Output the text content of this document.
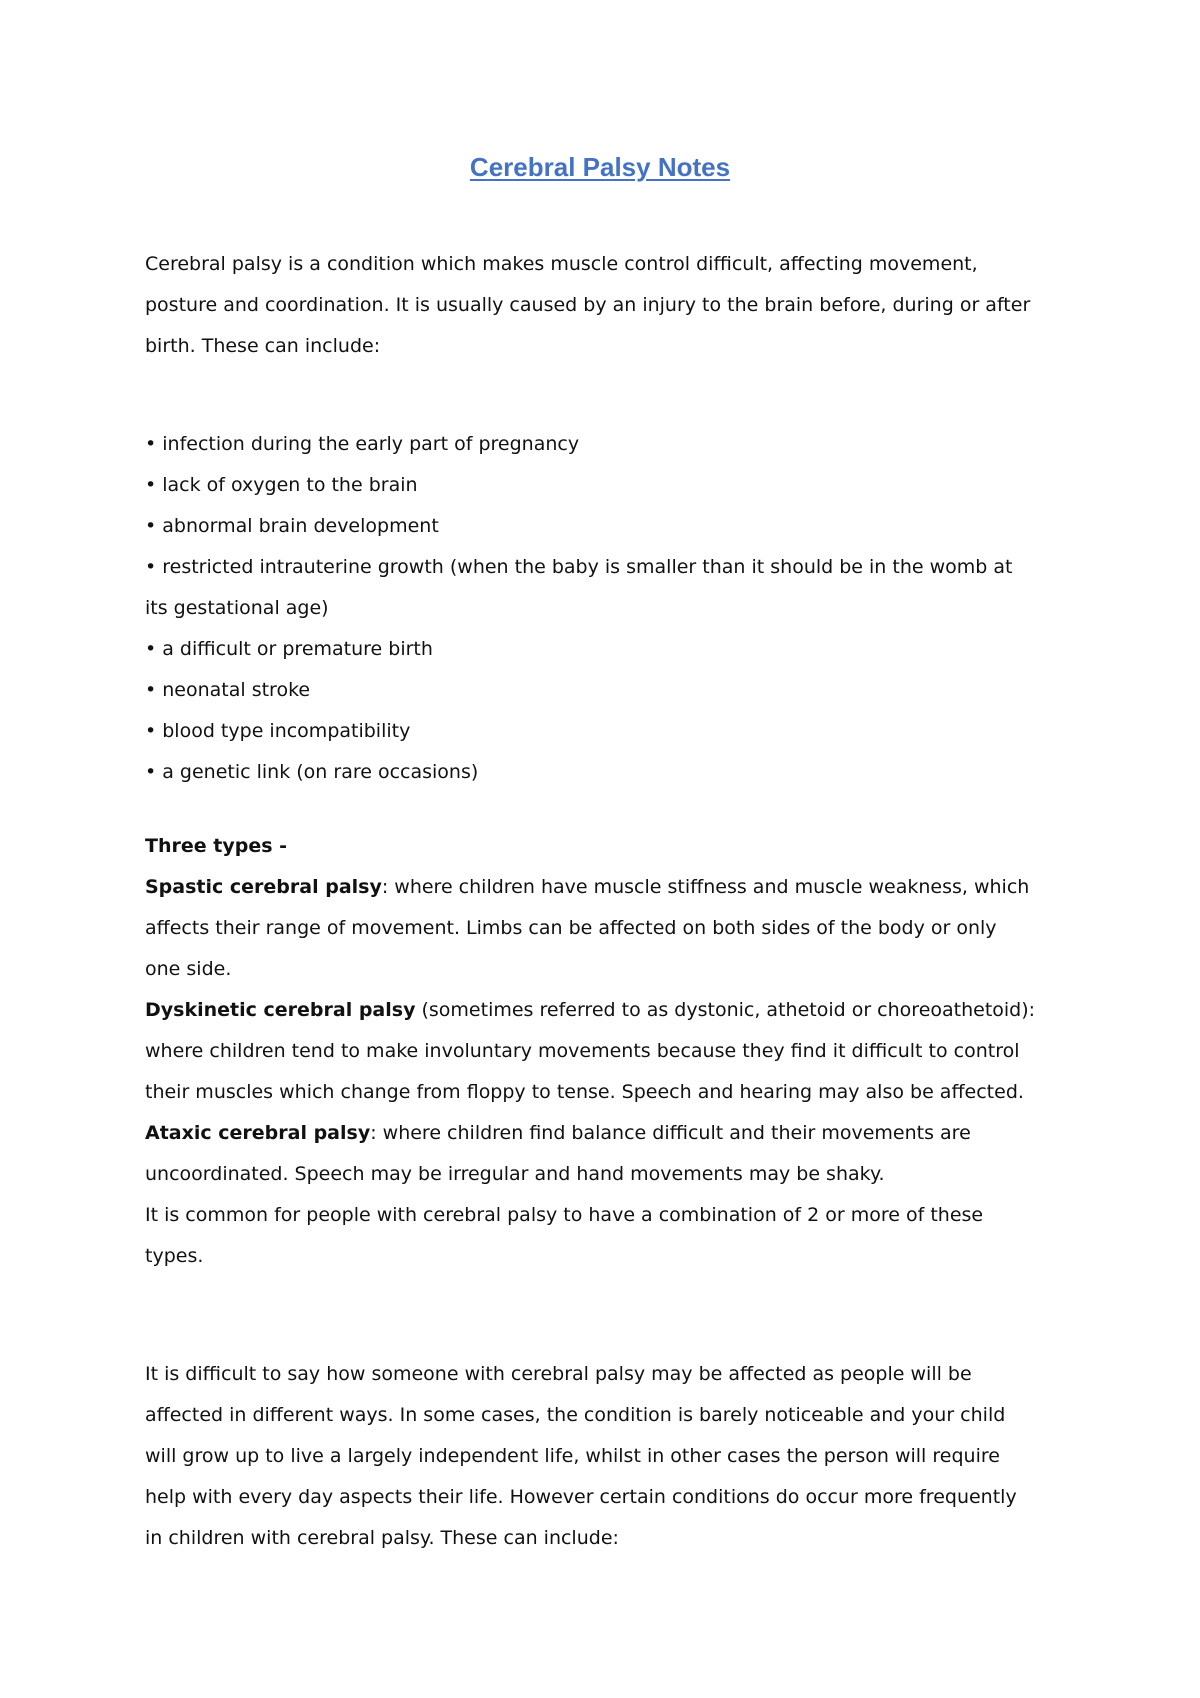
Cerebral Palsy Notes
Cerebral palsy is a condition which makes muscle control difficult, affecting movement,
posture and coordination. It is usually caused by an injury to the brain before, during or after
birth. These can include:
• infection during the early part of pregnancy
• lack of oxygen to the brain
• abnormal brain development
• restricted intrauterine growth (when the baby is smaller than it should be in the womb at
its gestational age)
• a difficult or premature birth
• neonatal stroke
• blood type incompatibility
• a genetic link (on rare occasions)
Three types -
Spastic cerebral palsy: where children have muscle stiffness and muscle weakness, which
affects their range of movement. Limbs can be affected on both sides of the body or only
one side.
Dyskinetic cerebral palsy (sometimes referred to as dystonic, athetoid or choreoathetoid):
where children tend to make involuntary movements because they find it difficult to control
their muscles which change from floppy to tense. Speech and hearing may also be affected.
Ataxic cerebral palsy: where children find balance difficult and their movements are
uncoordinated. Speech may be irregular and hand movements may be shaky.
It is common for people with cerebral palsy to have a combination of 2 or more of these
types.
It is difficult to say how someone with cerebral palsy may be affected as people will be
affected in different ways. In some cases, the condition is barely noticeable and your child
will grow up to live a largely independent life, whilst in other cases the person will require
help with every day aspects their life. However certain conditions do occur more frequently
in children with cerebral palsy. These can include:
